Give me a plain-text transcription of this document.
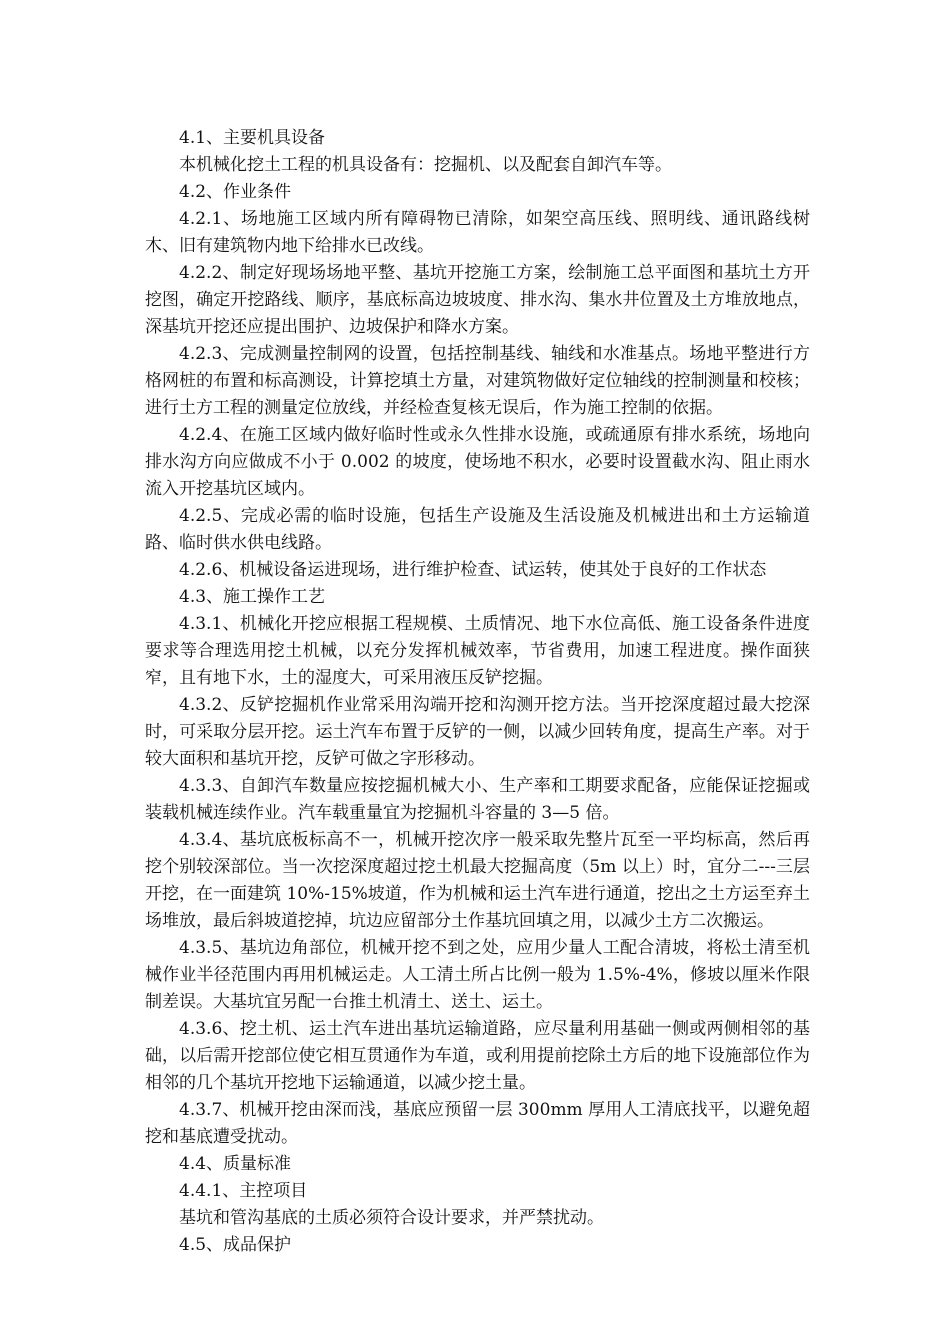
4.1、主要机具设备

本机械化挖土工程的机具设备有：挖掘机、以及配套自卸汽车等。

4.2、作业条件

4.2.1、场地施工区域内所有障碍物已清除，如架空高压线、照明线、通讯路线树木、旧有建筑物内地下给排水已改线。

4.2.2、制定好现场场地平整、基坑开挖施工方案，绘制施工总平面图和基坑土方开挖图，确定开挖路线、顺序，基底标高边坡坡度、排水沟、集水井位置及土方堆放地点，深基坑开挖还应提出围护、边坡保护和降水方案。

4.2.3、完成测量控制网的设置，包括控制基线、轴线和水准基点。场地平整进行方格网桩的布置和标高测设，计算挖填土方量，对建筑物做好定位轴线的控制测量和校核；进行土方工程的测量定位放线，并经检查复核无误后，作为施工控制的依据。

4.2.4、在施工区域内做好临时性或永久性排水设施，或疏通原有排水系统，场地向排水沟方向应做成不小于 0.002 的坡度，使场地不积水，必要时设置截水沟、阻止雨水流入开挖基坑区域内。

4.2.5、完成必需的临时设施，包括生产设施及生活设施及机械进出和土方运输道路、临时供水供电线路。

4.2.6、机械设备运进现场，进行维护检查、试运转，使其处于良好的工作状态

4.3、施工操作工艺

4.3.1、机械化开挖应根据工程规模、土质情况、地下水位高低、施工设备条件进度要求等合理选用挖土机械，以充分发挥机械效率，节省费用，加速工程进度。操作面狭窄，且有地下水，土的湿度大，可采用液压反铲挖掘。

4.3.2、反铲挖掘机作业常采用沟端开挖和沟测开挖方法。当开挖深度超过最大挖深时，可采取分层开挖。运土汽车布置于反铲的一侧，以减少回转角度，提高生产率。对于较大面积和基坑开挖，反铲可做之字形移动。

4.3.3、自卸汽车数量应按挖掘机械大小、生产率和工期要求配备，应能保证挖掘或装载机械连续作业。汽车载重量宜为挖掘机斗容量的 3—5 倍。

4.3.4、基坑底板标高不一，机械开挖次序一般采取先整片瓦至一平均标高，然后再挖个别较深部位。当一次挖深度超过挖土机最大挖掘高度（5m 以上）时，宜分二---三层开挖，在一面建筑 10%-15%坡道，作为机械和运土汽车进行通道，挖出之土方运至弃土场堆放，最后斜坡道挖掉，坑边应留部分土作基坑回填之用，以减少土方二次搬运。

4.3.5、基坑边角部位，机械开挖不到之处，应用少量人工配合清坡，将松土清至机械作业半径范围内再用机械运走。人工清土所占比例一般为 1.5%-4%，修坡以厘米作限制差误。大基坑宜另配一台推土机清土、送土、运土。

4.3.6、挖土机、运土汽车进出基坑运输道路，应尽量利用基础一侧或两侧相邻的基础，以后需开挖部位使它相互贯通作为车道，或利用提前挖除土方后的地下设施部位作为相邻的几个基坑开挖地下运输通道，以减少挖土量。

4.3.7、机械开挖由深而浅，基底应预留一层 300mm 厚用人工清底找平，以避免超挖和基底遭受扰动。

4.4、质量标准

4.4.1、主控项目

基坑和管沟基底的土质必须符合设计要求，并严禁扰动。

4.5、成品保护
